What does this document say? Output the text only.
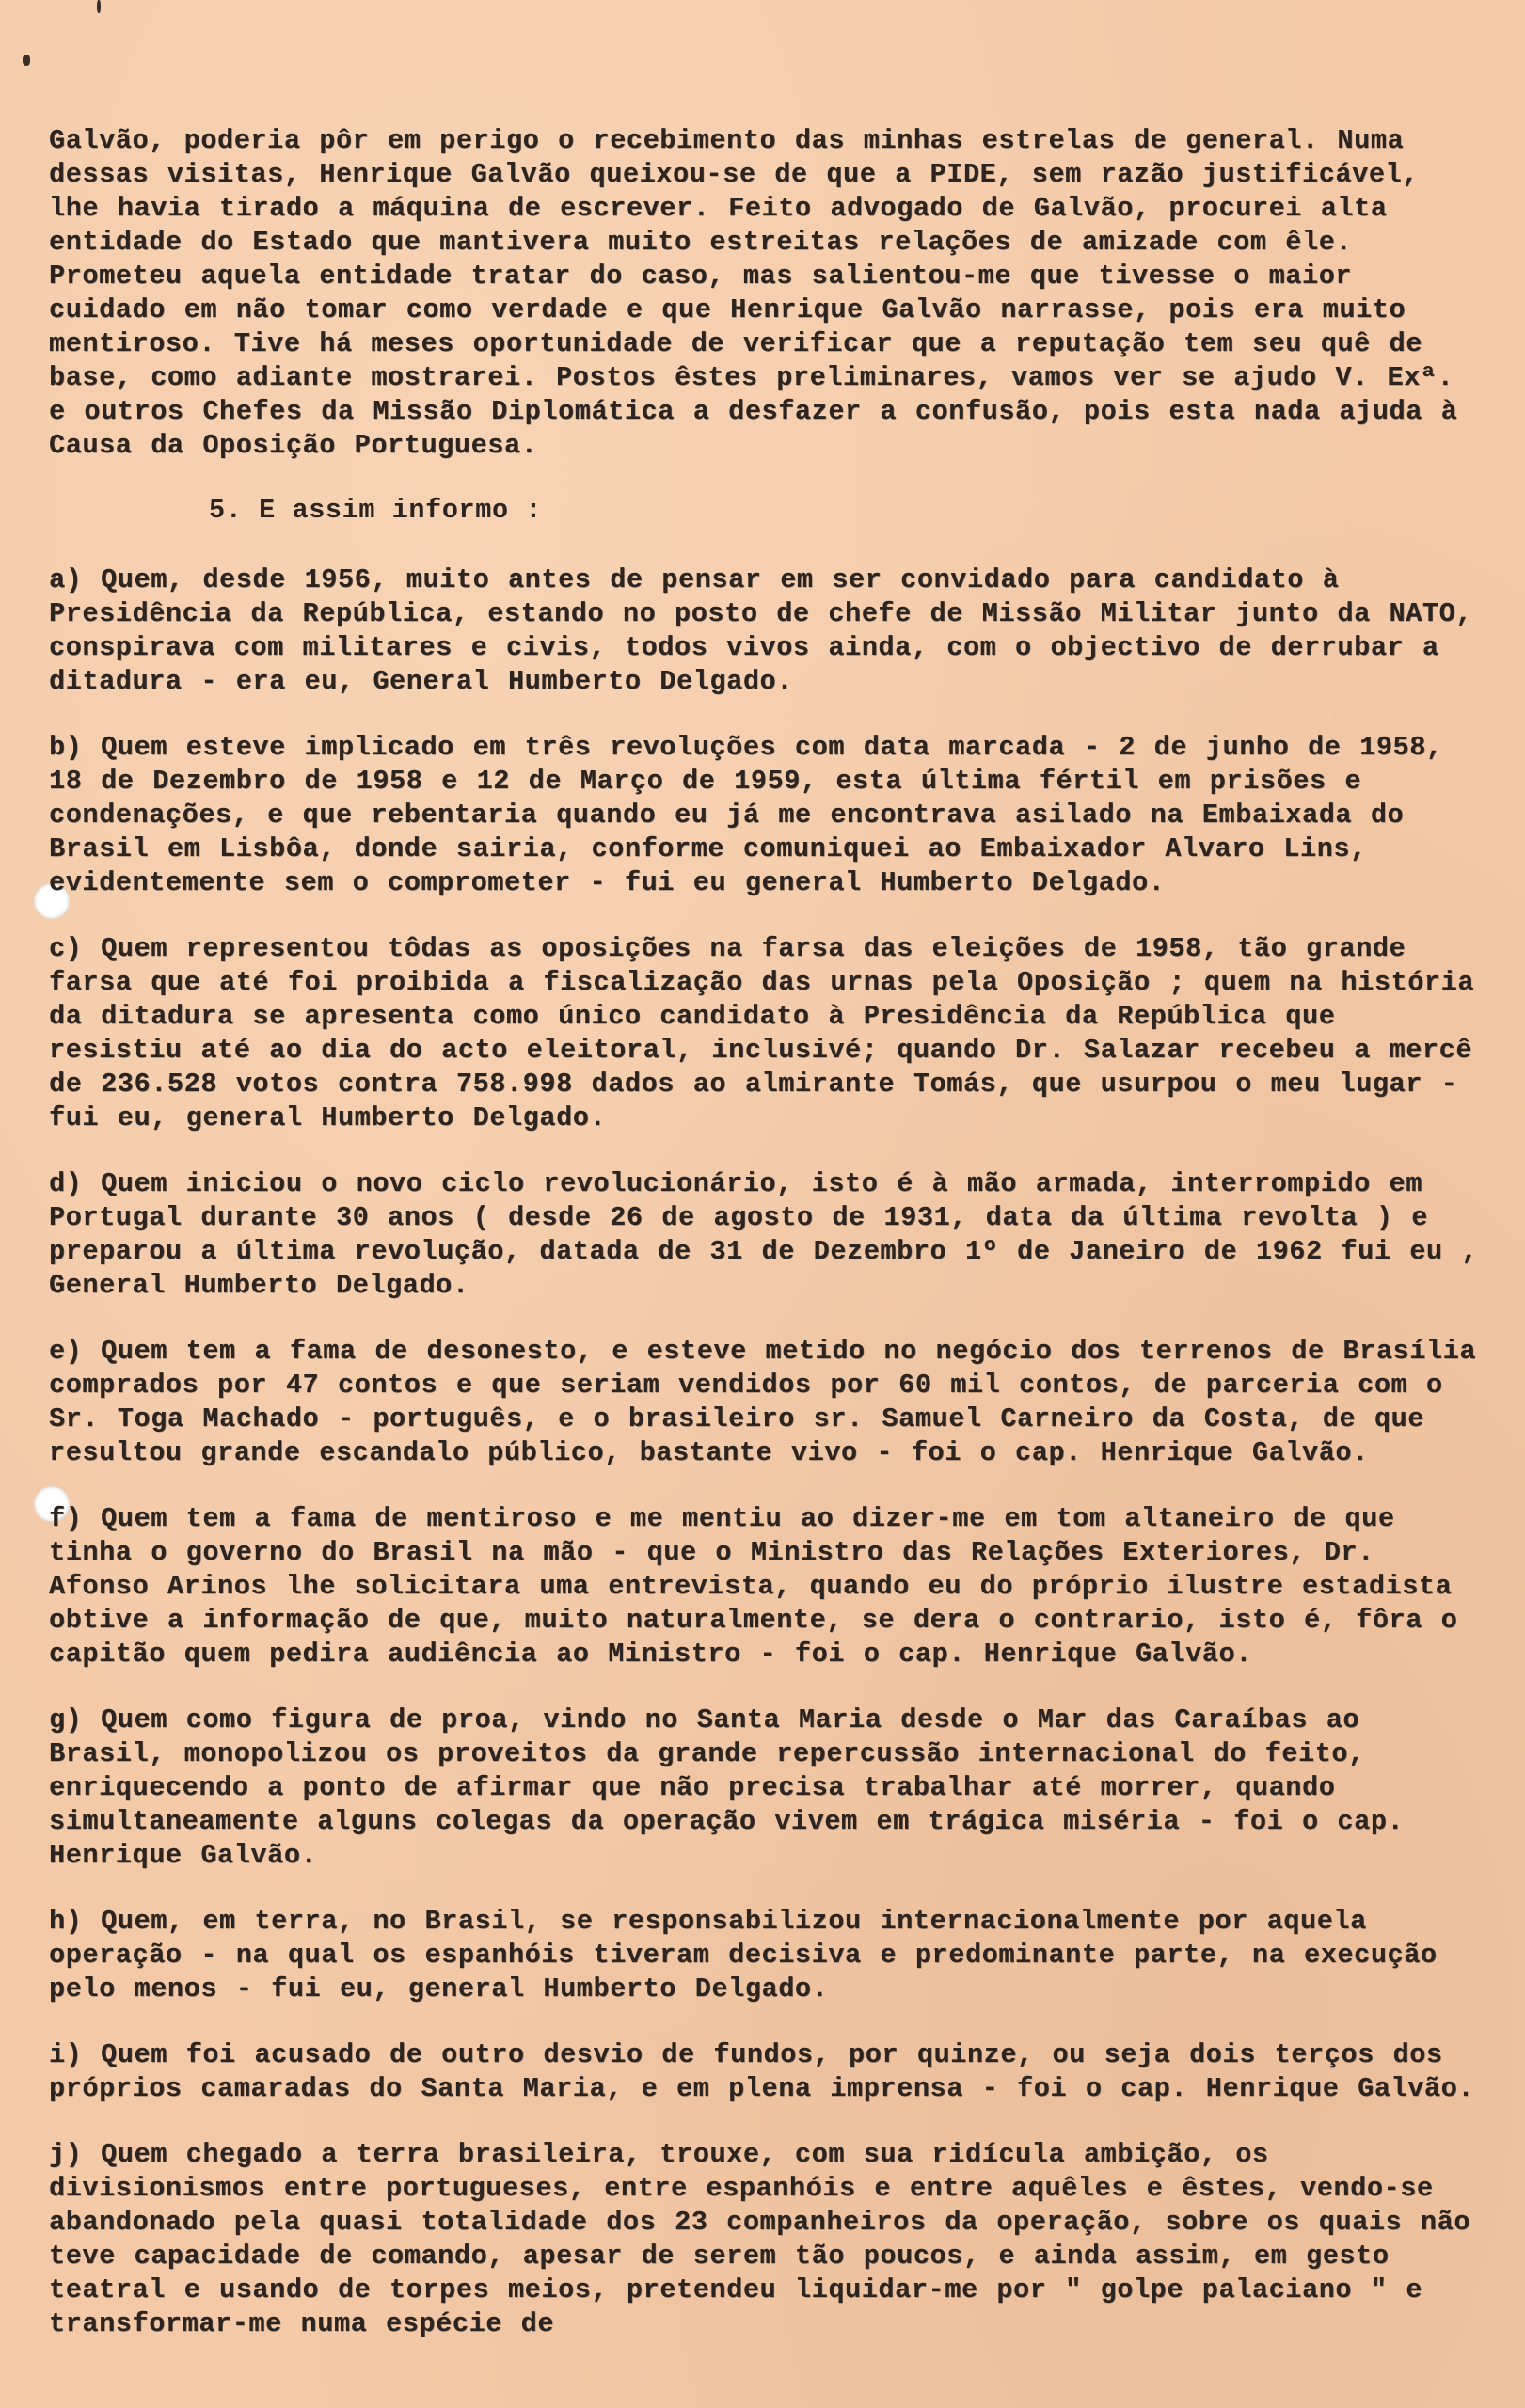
Galvão, poderia pôr em perigo o recebimento das minhas estrelas de general. Numa dessas visitas, Henrique Galvão queixou-se de que a PIDE, sem razão justificável, lhe havia tirado a máquina de escrever. Feito advogado de Galvão, procurei alta entidade do Estado que mantivera muito estreitas relações de amizade com êle. Prometeu aquela entidade tratar do caso, mas salientou-me que tivesse o maior cuidado em não tomar como verdade e que Henrique Galvão narrasse, pois era muito mentiroso. Tive há meses oportunidade de verificar que a reputação tem seu quê de base, como adiante mostrarei. Postos êstes preliminares, vamos ver se ajudo V. Exª. e outros Chefes da Missão Diplomática a desfazer a confusão, pois esta nada ajuda à Causa da Oposição Portuguesa.

5. E assim informo :

a) Quem, desde 1956, muito antes de pensar em ser convidado para candidato à Presidência da República, estando no posto de chefe de Missão Militar junto da NATO, conspirava com militares e civis, todos vivos ainda, com o objectivo de derrubar a ditadura - era eu, General Humberto Delgado.

b) Quem esteve implicado em três revoluções com data marcada - 2 de junho de 1958, 18 de Dezembro de 1958 e 12 de Março de 1959, esta última fértil em prisões e condenações, e que rebentaria quando eu já me encontrava asilado na Embaixada do Brasil em Lisbôa, donde sairia, conforme comuniquei ao Embaixador Alvaro Lins, evidentemente sem o comprometer - fui eu general Humberto Delgado.

c) Quem representou tôdas as oposições na farsa das eleições de 1958, tão grande farsa que até foi proibida a fiscalização das urnas pela Oposição ; quem na história da ditadura se apresenta como único candidato à Presidência da República que resistiu até ao dia do acto eleitoral, inclusivé; quando Dr. Salazar recebeu a mercê de 236.528 votos contra 758.998 dados ao almirante Tomás, que usurpou o meu lugar - fui eu, general Humberto Delgado.

d) Quem iniciou o novo ciclo revolucionário, isto é à mão armada, interrompido em Portugal durante 30 anos ( desde 26 de agosto de 1931, data da última revolta ) e preparou a última revolução, datada de 31 de Dezembro 1º de Janeiro de 1962 fui eu , General Humberto Delgado.

e) Quem tem a fama de desonesto, e esteve metido no negócio dos terrenos de Brasília comprados por 47 contos e que seriam vendidos por 60 mil contos, de parceria com o Sr. Toga Machado - português, e o brasileiro sr. Samuel Carneiro da Costa, de que resultou grande escandalo público, bastante vivo - foi o cap. Henrique Galvão.

f) Quem tem a fama de mentiroso e me mentiu ao dizer-me em tom altaneiro de que tinha o governo do Brasil na mão - que o Ministro das Relações Exteriores, Dr. Afonso Arinos lhe solicitara uma entrevista, quando eu do próprio ilustre estadista obtive a informação de que, muito naturalmente, se dera o contrario, isto é, fôra o capitão quem pedira audiência ao Ministro - foi o cap. Henrique Galvão.

g) Quem como figura de proa, vindo no Santa Maria desde o Mar das Caraíbas ao Brasil, monopolizou os proveitos da grande repercussão internacional do feito, enriquecendo a ponto de afirmar que não precisa trabalhar até morrer, quando simultaneamente alguns colegas da operação vivem em trágica miséria - foi o cap. Henrique Galvão.

h) Quem, em terra, no Brasil, se responsabilizou internacionalmente por aquela operação - na qual os espanhóis tiveram decisiva e predominante parte, na execução pelo menos - fui eu, general Humberto Delgado.

i) Quem foi acusado de outro desvio de fundos, por quinze, ou seja dois terços dos próprios camaradas do Santa Maria, e em plena imprensa - foi o cap. Henrique Galvão.

j) Quem chegado a terra brasileira, trouxe, com sua ridícula ambição, os divisionismos entre portugueses, entre espanhóis e entre aquêles e êstes, vendo-se abandonado pela quasi totalidade dos 23 companheiros da operação, sobre os quais não teve capacidade de comando, apesar de serem tão poucos, e ainda assim, em gesto teatral e usando de torpes meios, pretendeu liquidar-me por " golpe palaciano " e transformar-me numa espécie de
